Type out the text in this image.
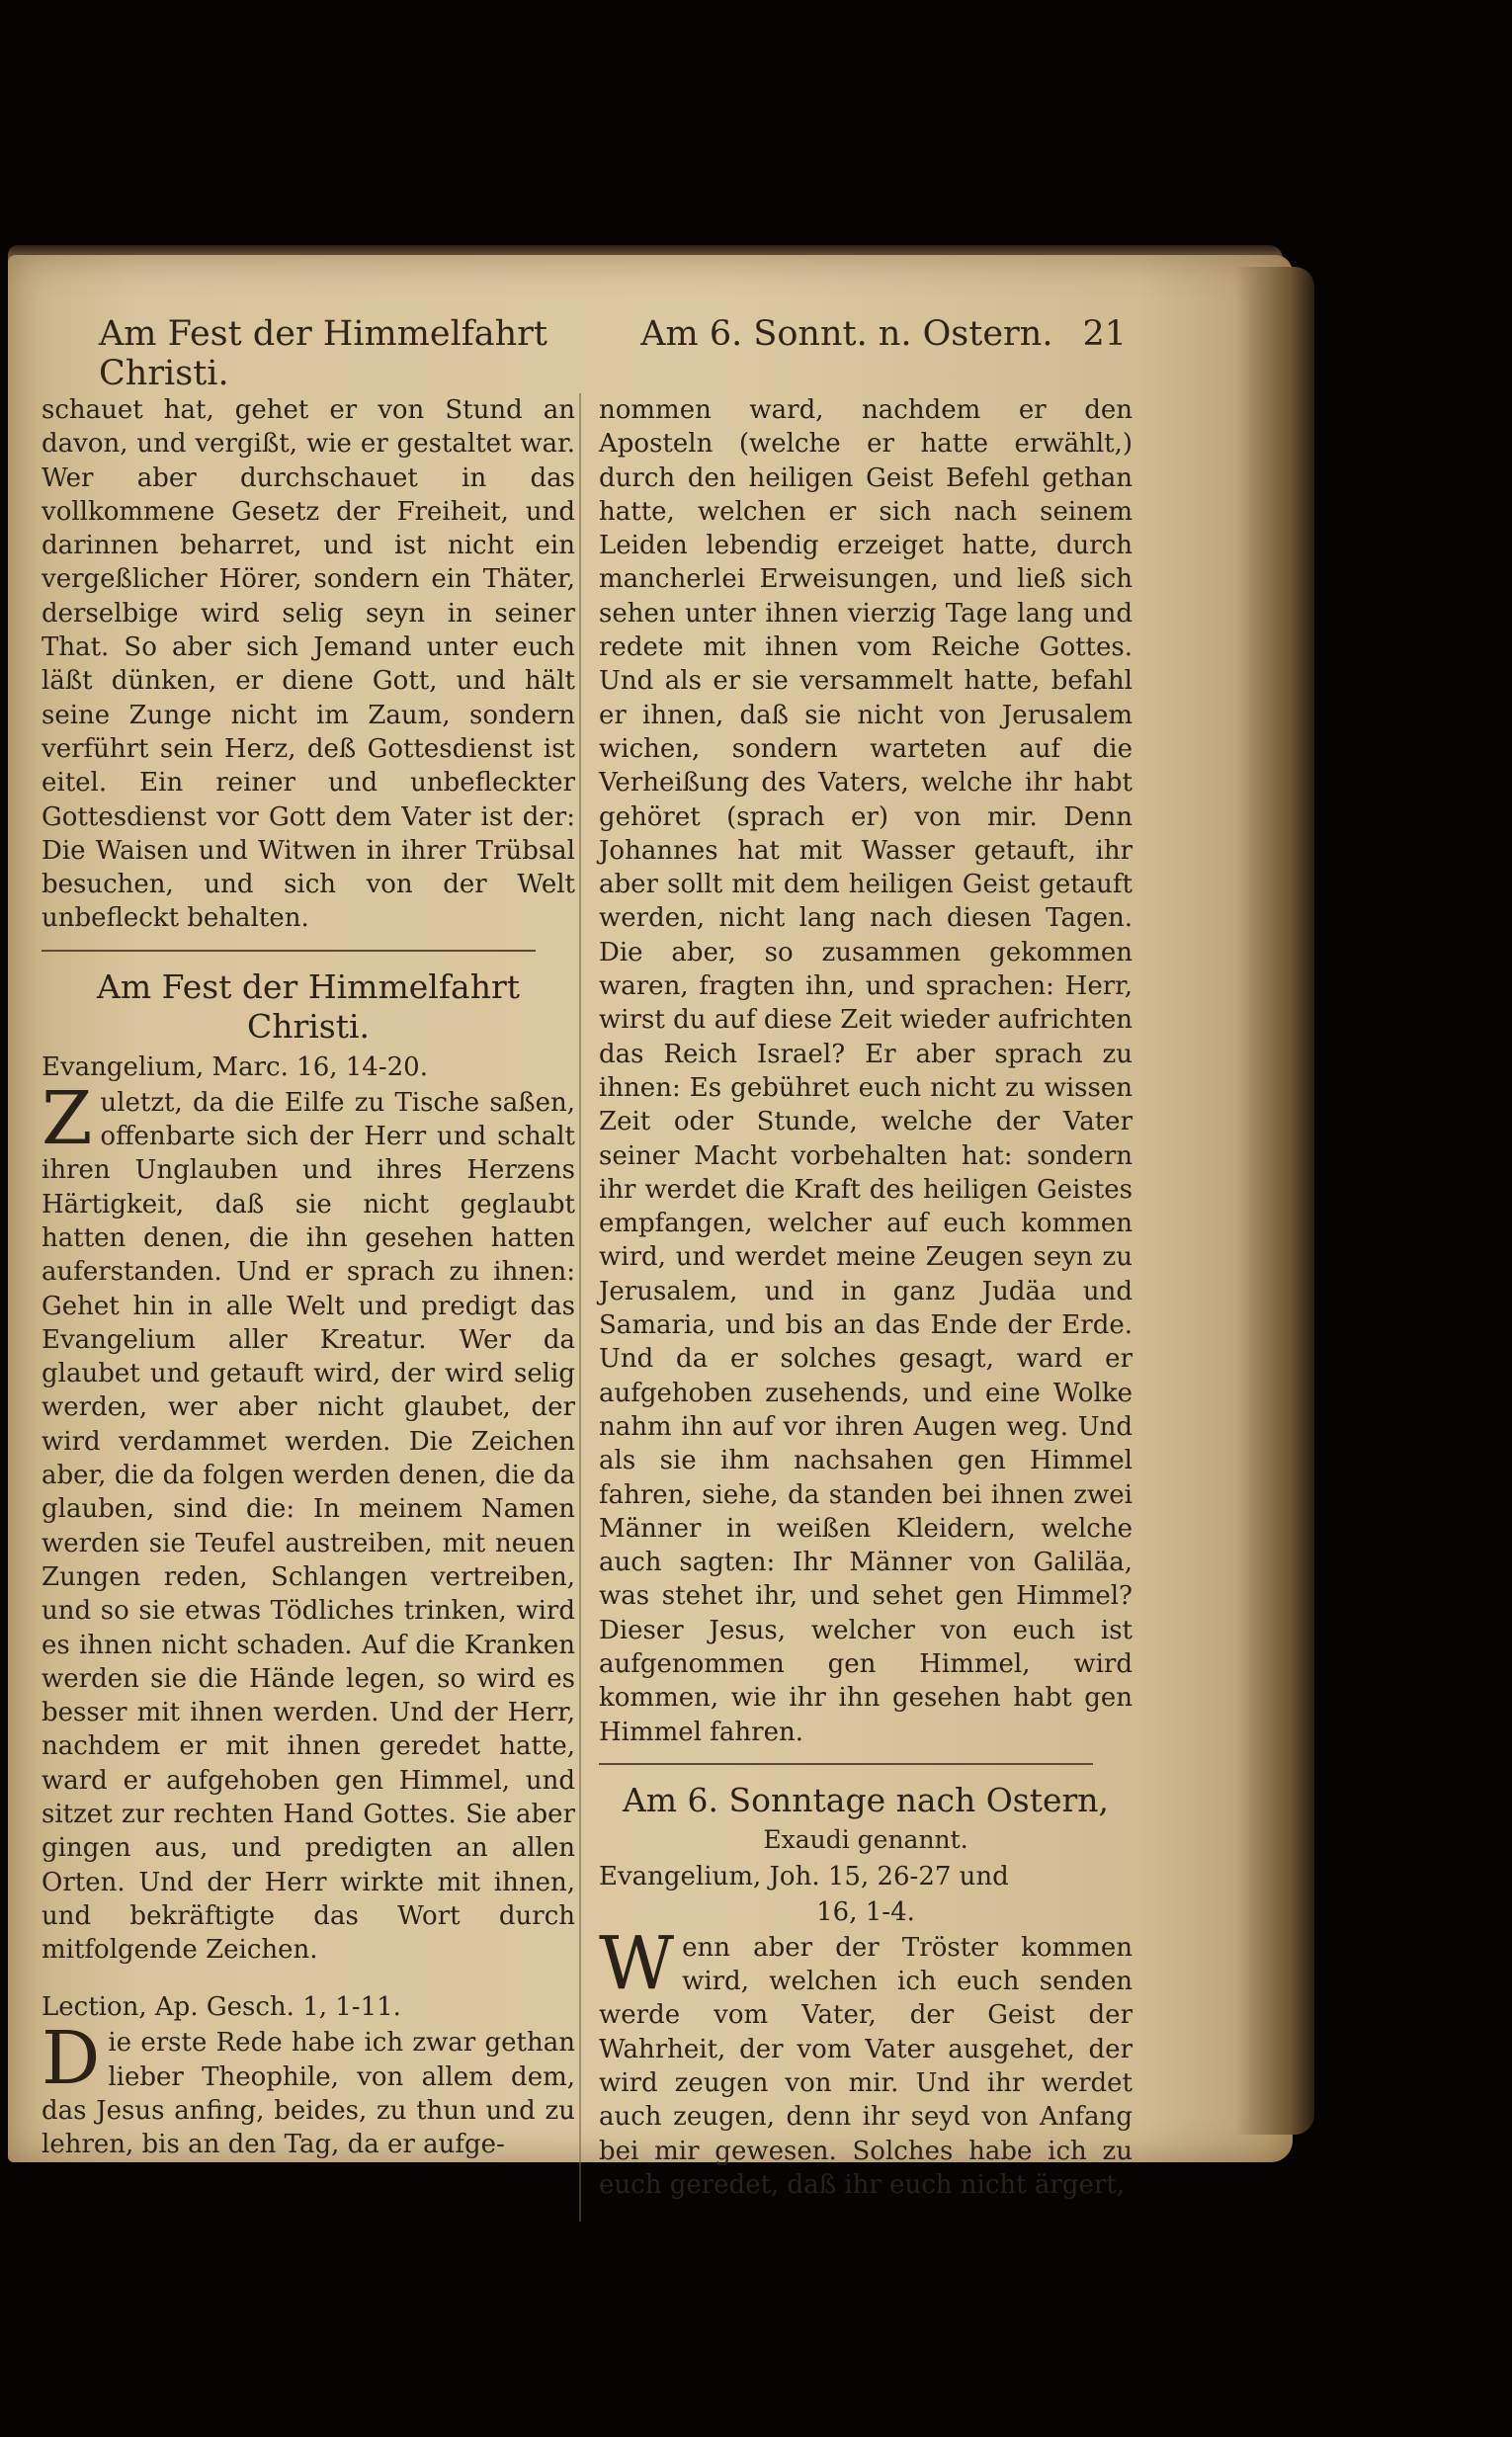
Am Fest der Himmelfahrt Christi.
Am 6. Sonnt. n. Ostern. 21

schauet hat, gehet er von Stund an davon, und vergißt, wie er gestaltet war. Wer aber durchschauet in das vollkommene Gesetz der Freiheit, und darinnen beharret, und ist nicht ein vergeßlicher Hörer, sondern ein Thäter, derselbige wird selig seyn in seiner That. So aber sich Jemand unter euch läßt dünken, er diene Gott, und hält seine Zunge nicht im Zaum, sondern verführt sein Herz, deß Gottesdienst ist eitel. Ein reiner und unbefleckter Gottesdienst vor Gott dem Vater ist der: Die Waisen und Witwen in ihrer Trübsal besuchen, und sich von der Welt unbefleckt behalten.

Am Fest der Himmelfahrt Christi.
Evangelium, Marc. 16, 14-20.

Zuletzt, da die Eilfe zu Tische saßen, offenbarte sich der Herr und schalt ihren Unglauben und ihres Herzens Härtigkeit, daß sie nicht geglaubt hatten denen, die ihn gesehen hatten auferstanden. Und er sprach zu ihnen: Gehet hin in alle Welt und predigt das Evangelium aller Kreatur. Wer da glaubet und getauft wird, der wird selig werden, wer aber nicht glaubet, der wird verdammet werden. Die Zeichen aber, die da folgen werden denen, die da glauben, sind die: In meinem Namen werden sie Teufel austreiben, mit neuen Zungen reden, Schlangen vertreiben, und so sie etwas Tödliches trinken, wird es ihnen nicht schaden. Auf die Kranken werden sie die Hände legen, so wird es besser mit ihnen werden. Und der Herr, nachdem er mit ihnen geredet hatte, ward er aufgehoben gen Himmel, und sitzet zur rechten Hand Gottes. Sie aber gingen aus, und predigten an allen Orten. Und der Herr wirkte mit ihnen, und bekräftigte das Wort durch mitfolgende Zeichen.

Lection, Ap. Gesch. 1, 1-11.

Die erste Rede habe ich zwar gethan lieber Theophile, von allem dem, das Jesus anfing, beides, zu thun und zu lehren, bis an den Tag, da er aufge-

nommen ward, nachdem er den Aposteln (welche er hatte erwählt,) durch den heiligen Geist Befehl gethan hatte, welchen er sich nach seinem Leiden lebendig erzeiget hatte, durch mancherlei Erweisungen, und ließ sich sehen unter ihnen vierzig Tage lang und redete mit ihnen vom Reiche Gottes. Und als er sie versammelt hatte, befahl er ihnen, daß sie nicht von Jerusalem wichen, sondern warteten auf die Verheißung des Vaters, welche ihr habt gehöret (sprach er) von mir. Denn Johannes hat mit Wasser getauft, ihr aber sollt mit dem heiligen Geist getauft werden, nicht lang nach diesen Tagen. Die aber, so zusammen gekommen waren, fragten ihn, und sprachen: Herr, wirst du auf diese Zeit wieder aufrichten das Reich Israel? Er aber sprach zu ihnen: Es gebühret euch nicht zu wissen Zeit oder Stunde, welche der Vater seiner Macht vorbehalten hat: sondern ihr werdet die Kraft des heiligen Geistes empfangen, welcher auf euch kommen wird, und werdet meine Zeugen seyn zu Jerusalem, und in ganz Judäa und Samaria, und bis an das Ende der Erde. Und da er solches gesagt, ward er aufgehoben zusehends, und eine Wolke nahm ihn auf vor ihren Augen weg. Und als sie ihm nachsahen gen Himmel fahren, siehe, da standen bei ihnen zwei Männer in weißen Kleidern, welche auch sagten: Ihr Männer von Galiläa, was stehet ihr, und sehet gen Himmel? Dieser Jesus, welcher von euch ist aufgenommen gen Himmel, wird kommen, wie ihr ihn gesehen habt gen Himmel fahren.

Am 6. Sonntage nach Ostern,
Exaudi genannt.
Evangelium, Joh. 15, 26-27 und
16, 1-4.

Wenn aber der Tröster kommen wird, welchen ich euch senden werde vom Vater, der Geist der Wahrheit, der vom Vater ausgehet, der wird zeugen von mir. Und ihr werdet auch zeugen, denn ihr seyd von Anfang bei mir gewesen. Solches habe ich zu euch geredet, daß ihr euch nicht ärgert,
